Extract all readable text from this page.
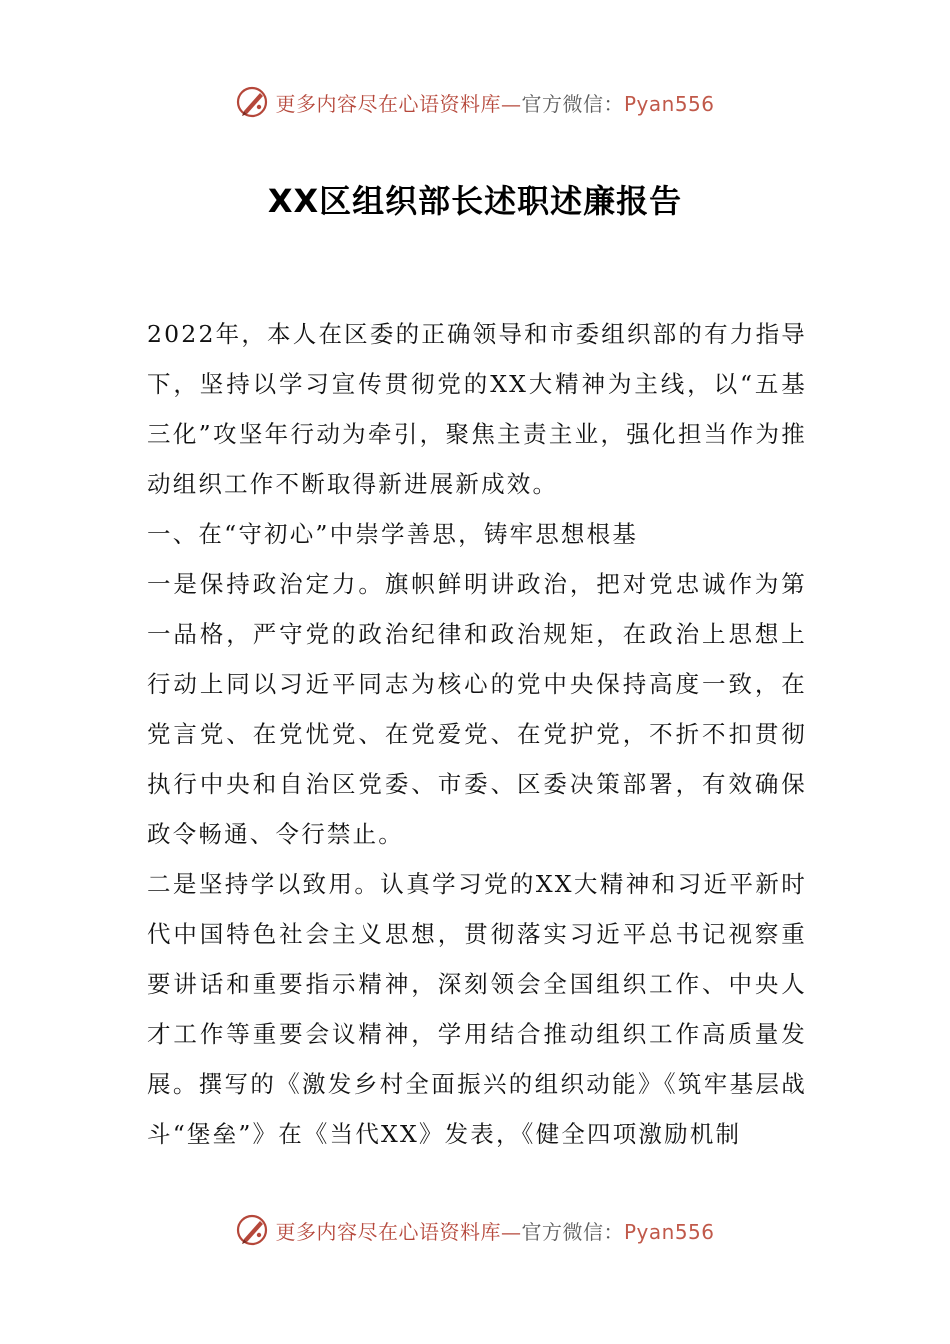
更多内容尽在心语资料库—官方微信：Pyan556
XX区组织部长述职述廉报告

2022年，本人在区委的正确领导和市委组织部的有力指导下，坚持以学习宣传贯彻党的XX大精神为主线，以“五基三化”攻坚年行动为牵引，聚焦主责主业，强化担当作为推动组织工作不断取得新进展新成效。

一、在“守初心”中崇学善思，铸牢思想根基

一是保持政治定力。旗帜鲜明讲政治，把对党忠诚作为第一品格，严守党的政治纪律和政治规矩，在政治上思想上行动上同以习近平同志为核心的党中央保持高度一致，在党言党、在党忧党、在党爱党、在党护党，不折不扣贯彻执行中央和自治区党委、市委、区委决策部署，有效确保政令畅通、令行禁止。

二是坚持学以致用。认真学习党的XX大精神和习近平新时代中国特色社会主义思想，贯彻落实习近平总书记视察重要讲话和重要指示精神，深刻领会全国组织工作、中央人才工作等重要会议精神，学用结合推动组织工作高质量发展。撰写的《激发乡村全面振兴的组织动能》《筑牢基层战斗“堡垒”》在《当代XX》发表，《健全四项激励机制

更多内容尽在心语资料库—官方微信：Pyan556
